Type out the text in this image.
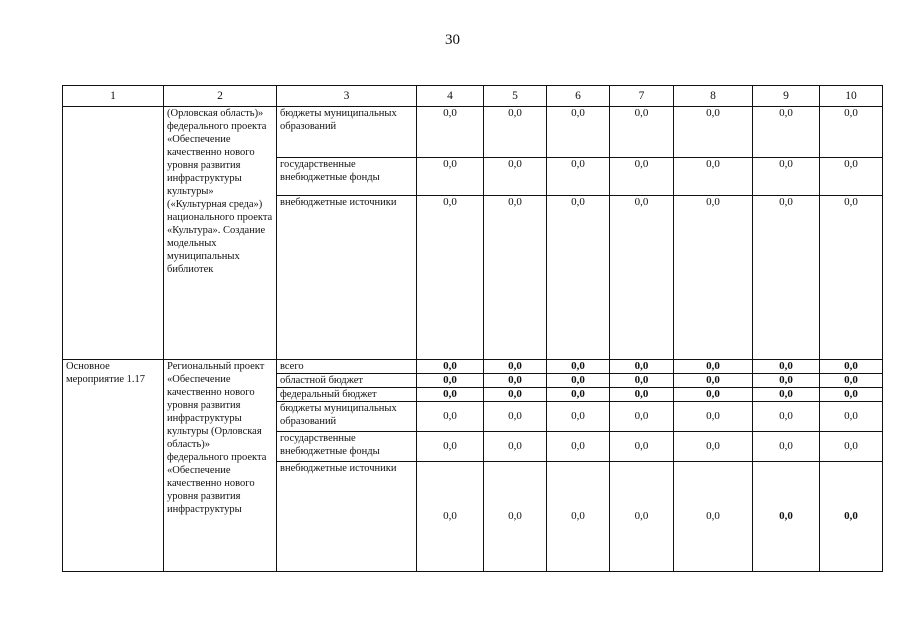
30
1	2	3	4	5	6	7	8	9	10
	(Орловская область)» федерального проекта «Обеспечение качественно нового уровня развития инфраструктуры культуры» («Культурная среда») национального проекта «Культура». Создание модельных муниципальных библиотек	бюджеты муниципальных образований	0,0	0,0	0,0	0,0	0,0	0,0	0,0
		государственные внебюджетные фонды	0,0	0,0	0,0	0,0	0,0	0,0	0,0
		внебюджетные источники	0,0	0,0	0,0	0,0	0,0	0,0	0,0
Основное мероприятие 1.17	Региональный проект «Обеспечение качественно нового уровня развития инфраструктуры культуры (Орловская область)» федерального проекта «Обеспечение качественно нового уровня развития инфраструктуры	всего	0,0	0,0	0,0	0,0	0,0	0,0	0,0
		областной бюджет	0,0	0,0	0,0	0,0	0,0	0,0	0,0
		федеральный бюджет	0,0	0,0	0,0	0,0	0,0	0,0	0,0
		бюджеты муниципальных образований	0,0	0,0	0,0	0,0	0,0	0,0	0,0
		государственные внебюджетные фонды	0,0	0,0	0,0	0,0	0,0	0,0	0,0
		внебюджетные источники	0,0	0,0	0,0	0,0	0,0	0,0	0,0
